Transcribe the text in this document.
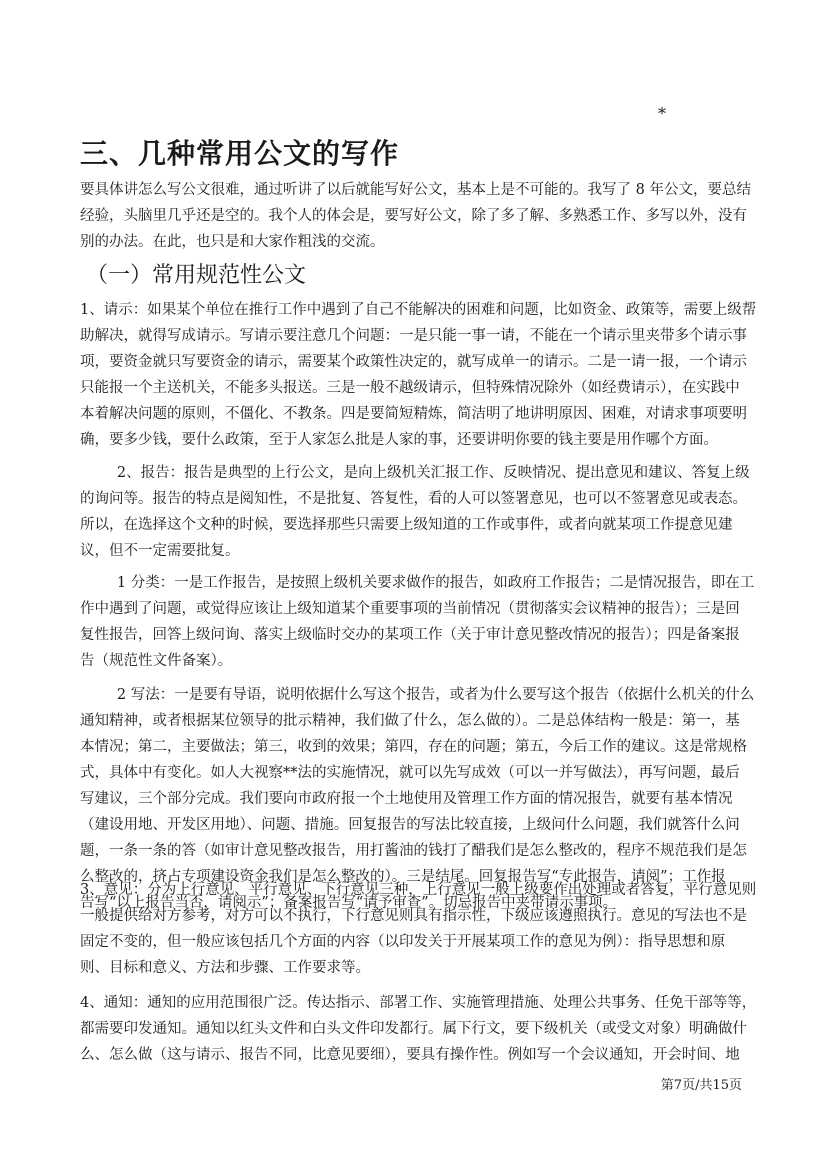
*
三、几种常用公文的写作
（一）常用规范性公文
要具体讲怎么写公文很难，通过听讲了以后就能写好公文，基本上是不可能的。我写了 8 年公文，要总结
经验，头脑里几乎还是空的。我个人的体会是，要写好公文，除了多了解、多熟悉工作、多写以外，没有
别的办法。在此，也只是和大家作粗浅的交流。
1、请示：如果某个单位在推行工作中遇到了自己不能解决的困难和问题，比如资金、政策等，需要上级帮
助解决，就得写成请示。写请示要注意几个问题：一是只能一事一请，不能在一个请示里夹带多个请示事
项，要资金就只写要资金的请示，需要某个政策性决定的，就写成单一的请示。二是一请一报，一个请示
只能报一个主送机关，不能多头报送。三是一般不越级请示，但特殊情况除外（如经费请示），在实践中
本着解决问题的原则，不僵化、不教条。四是要简短精炼，简洁明了地讲明原因、困难，对请求事项要明
确，要多少钱，要什么政策，至于人家怎么批是人家的事，还要讲明你要的钱主要是用作哪个方面。
2、报告：报告是典型的上行公文，是向上级机关汇报工作、反映情况、提出意见和建议、答复上级
的询问等。报告的特点是阅知性，不是批复、答复性，看的人可以签署意见，也可以不签署意见或表态。
所以，在选择这个文种的时候，要选择那些只需要上级知道的工作或事件，或者向就某项工作提意见建
议，但不一定需要批复。
1 分类：一是工作报告，是按照上级机关要求做作的报告，如政府工作报告；二是情况报告，即在工
作中遇到了问题，或觉得应该让上级知道某个重要事项的当前情况（贯彻落实会议精神的报告）；三是回
复性报告，回答上级问询、落实上级临时交办的某项工作（关于审计意见整改情况的报告）；四是备案报
告（规范性文件备案）。
2 写法：一是要有导语，说明依据什么写这个报告，或者为什么要写这个报告（依据什么机关的什么
通知精神，或者根据某位领导的批示精神，我们做了什么，怎么做的）。二是总体结构一般是：第一，基
本情况；第二，主要做法；第三，收到的效果；第四，存在的问题；第五，今后工作的建议。这是常规格
式，具体中有变化。如人大视察**法的实施情况，就可以先写成效（可以一并写做法），再写问题，最后
写建议，三个部分完成。我们要向市政府报一个土地使用及管理工作方面的情况报告，就要有基本情况
（建设用地、开发区用地）、问题、措施。回复报告的写法比较直接，上级问什么问题，我们就答什么问
题，一条一条的答（如审计意见整改报告，用打酱油的钱打了醋我们是怎么整改的，程序不规范我们是怎
么整改的，挤占专项建设资金我们是怎么整改的）。三是结尾。回复报告写“专此报告，请阅”；工作报
告写“以上报告当否，请阅示”；备案报告写“请予审查”。切忌报告中夹带请示事项。
3、意见：分为上行意见、平行意见、下行意见三种，上行意见一般上级要作出处理或者答复，平行意见则
一般提供给对方参考，对方可以不执行，下行意见则具有指示性，下级应该遵照执行。意见的写法也不是
固定不变的，但一般应该包括几个方面的内容（以印发关于开展某项工作的意见为例）：指导思想和原
则、目标和意义、方法和步骤、工作要求等。
4、通知：通知的应用范围很广泛。传达指示、部署工作、实施管理措施、处理公共事务、任免干部等等，
都需要印发通知。通知以红头文件和白头文件印发都行。属下行文，要下级机关（或受文对象）明确做什
么、怎么做（这与请示、报告不同，比意见要细），要具有操作性。例如写一个会议通知，开会时间、地
第7页/共15页
